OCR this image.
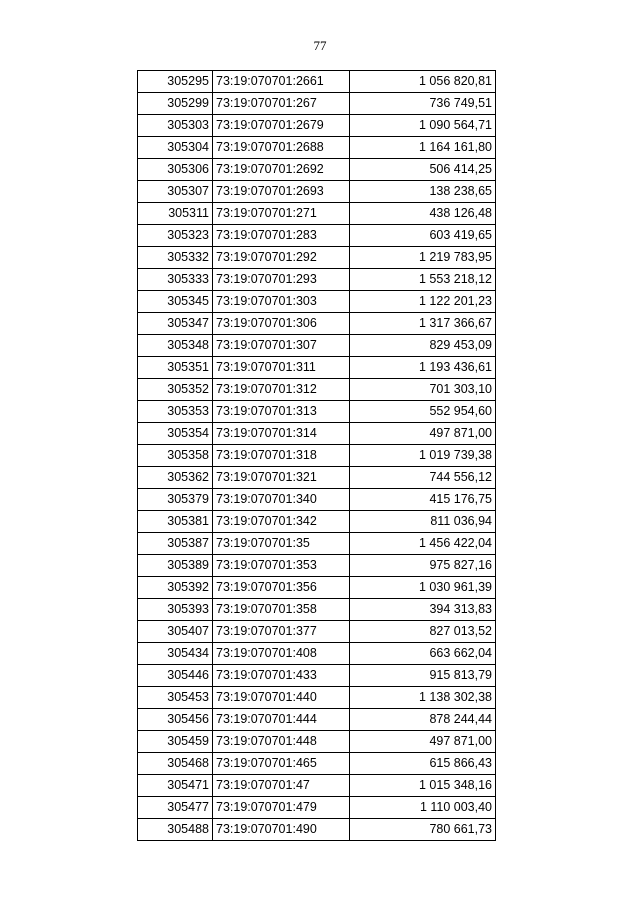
77
305295	73:19:070701:2661	1 056 820,81
305299	73:19:070701:267	736 749,51
305303	73:19:070701:2679	1 090 564,71
305304	73:19:070701:2688	1 164 161,80
305306	73:19:070701:2692	506 414,25
305307	73:19:070701:2693	138 238,65
305311	73:19:070701:271	438 126,48
305323	73:19:070701:283	603 419,65
305332	73:19:070701:292	1 219 783,95
305333	73:19:070701:293	1 553 218,12
305345	73:19:070701:303	1 122 201,23
305347	73:19:070701:306	1 317 366,67
305348	73:19:070701:307	829 453,09
305351	73:19:070701:311	1 193 436,61
305352	73:19:070701:312	701 303,10
305353	73:19:070701:313	552 954,60
305354	73:19:070701:314	497 871,00
305358	73:19:070701:318	1 019 739,38
305362	73:19:070701:321	744 556,12
305379	73:19:070701:340	415 176,75
305381	73:19:070701:342	811 036,94
305387	73:19:070701:35	1 456 422,04
305389	73:19:070701:353	975 827,16
305392	73:19:070701:356	1 030 961,39
305393	73:19:070701:358	394 313,83
305407	73:19:070701:377	827 013,52
305434	73:19:070701:408	663 662,04
305446	73:19:070701:433	915 813,79
305453	73:19:070701:440	1 138 302,38
305456	73:19:070701:444	878 244,44
305459	73:19:070701:448	497 871,00
305468	73:19:070701:465	615 866,43
305471	73:19:070701:47	1 015 348,16
305477	73:19:070701:479	1 110 003,40
305488	73:19:070701:490	780 661,73
